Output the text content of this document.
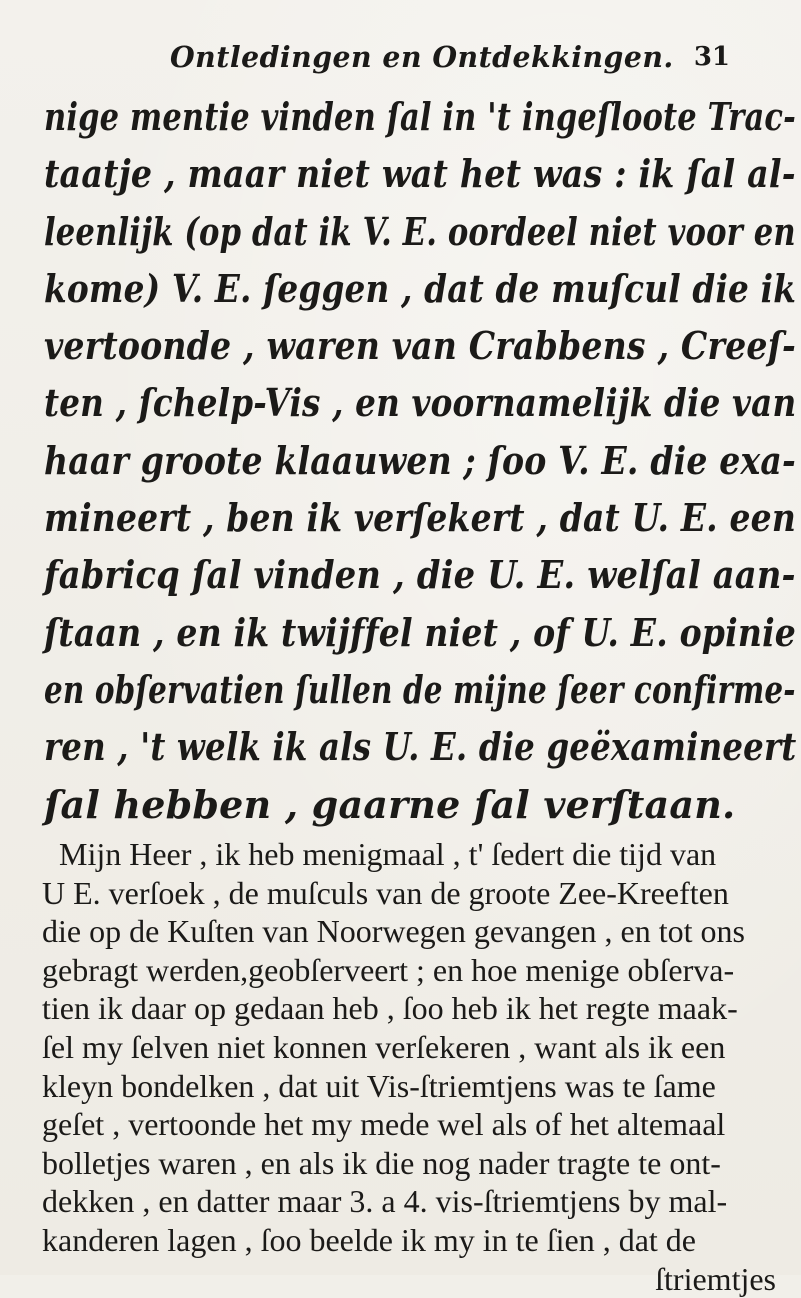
Ontledingen en Ontdekkingen. 31
nige mentie vinden ſal in 't ingeſloote Trac-
taatje , maar niet wat het was : ik ſal al-
leenlijk (op dat ik V. E. oordeel niet voor en
kome) V. E. ſeggen , dat de muſcul die ik
vertoonde , waren van Crabbens , Creeſ-
ten , ſchelp-Vis , en voornamelijk die van
haar groote klaauwen ; ſoo V. E. die exa-
mineert , ben ik verſekert , dat U. E. een
fabricq ſal vinden , die U. E. welſal aan-
ſtaan , en ik twijffel niet , of U. E. opinie
en obſervatien ſullen de mijne ſeer confirme-
ren , 't welk ik als U. E. die geëxamineert
ſal hebben , gaarne ſal verſtaan.
Mijn Heer , ik heb menigmaal , t' ſedert die tijd van
U E. verſoek , de muſculs van de groote Zee-Kreeften
die op de Kuſten van Noorwegen gevangen , en tot ons
gebragt werden,geobſerveert ; en hoe menige obſerva-
tien ik daar op gedaan heb , ſoo heb ik het regte maak-
ſel my ſelven niet konnen verſekeren , want als ik een
kleyn bondelken , dat uit Vis-ſtriemtjens was te ſame
geſet , vertoonde het my mede wel als of het altemaal
bolletjes waren , en als ik die nog nader tragte te ont-
dekken , en datter maar 3. a 4. vis-ſtriemtjens by mal-
kanderen lagen , ſoo beelde ik my in te ſien , dat de
ſtriemtjes
